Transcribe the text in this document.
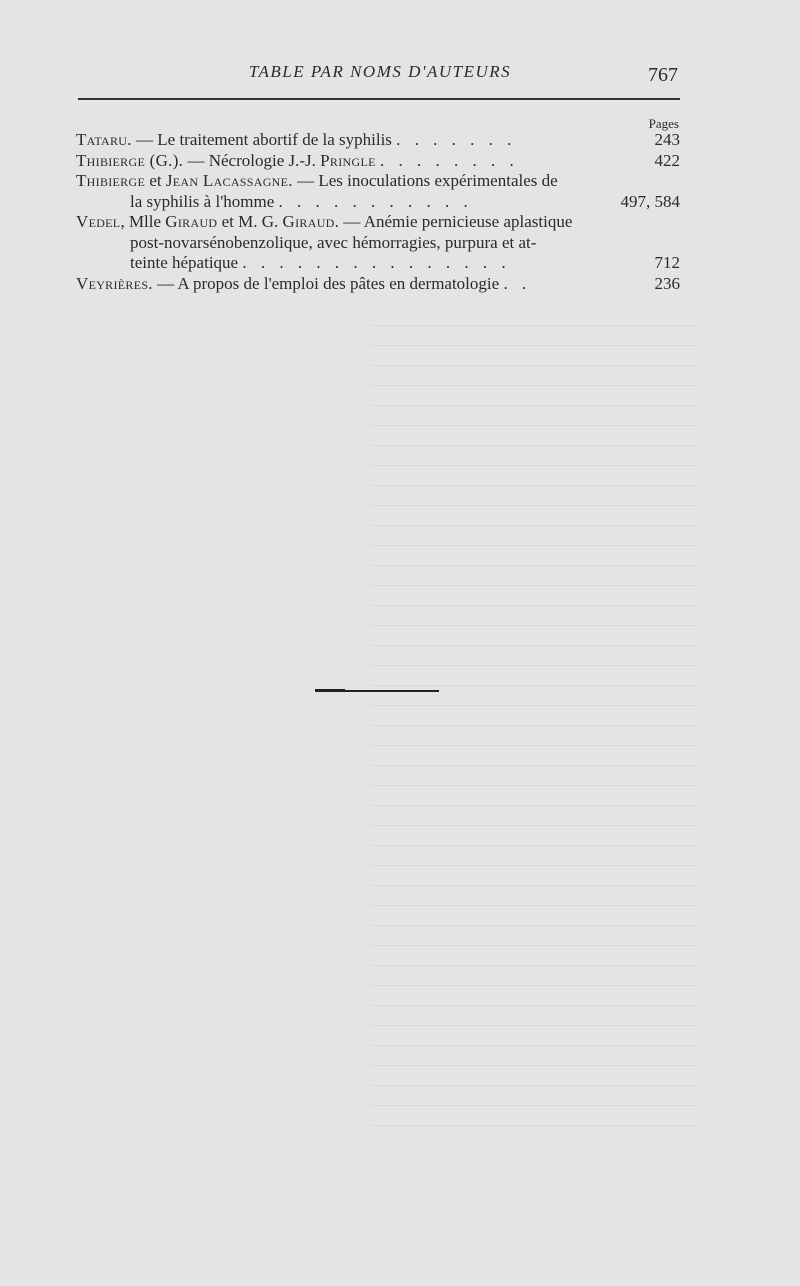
TABLE PAR NOMS D'AUTEURS	767
Pages
Tataru. — Le traitement abortif de la syphilis . . . . . . .	243
Thibierge (G.). — Nécrologie J.-J. Pringle . . . . . . . .	422
Thibierge et Jean Lacassagne. — Les inoculations expérimentales de
la syphilis à l'homme . . . . . . . . . . .	497, 584
Vedel, Mlle Giraud et M. G. Giraud. — Anémie pernicieuse aplastique
post-novarsénobenzolique, avec hémorragies, purpura et at-
teinte hépatique . . . . . . . . . . . . . . .	712
Veyrières. — A propos de l'emploi des pâtes en dermatologie . .	236
